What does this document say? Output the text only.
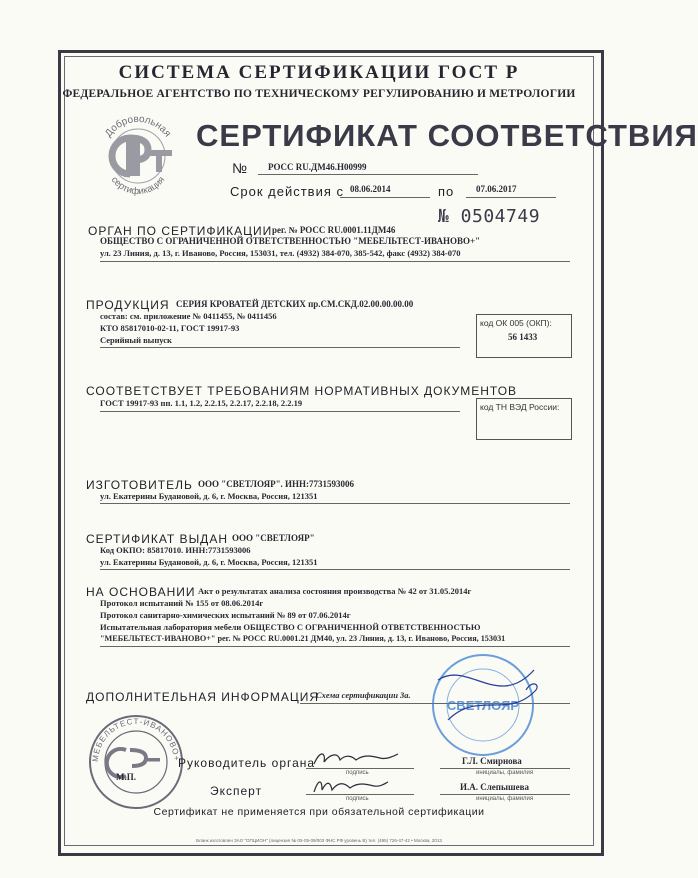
СИСТЕМА СЕРТИФИКАЦИИ ГОСТ Р
ФЕДЕРАЛЬНОЕ АГЕНТСТВО ПО ТЕХНИЧЕСКОМУ РЕГУЛИРОВАНИЮ И МЕТРОЛОГИИ
Добровольная
сертификация
СЕРТИФИКАТ СООТВЕТСТВИЯ
№ РОСС RU.ДМ46.Н00999
Срок действия с 08.06.2014	по 07.06.2017
№ 0504749
ОРГАН ПО СЕРТИФИКАЦИИ рег. № РОСС RU.0001.11ДМ46
ОБЩЕСТВО С ОГРАНИЧЕННОЙ ОТВЕТСТВЕННОСТЬЮ "МЕБЕЛЬТЕСТ-ИВАНОВО+"
ул. 23 Линия, д. 13, г. Иваново, Россия, 153031, тел. (4932) 384-070, 385-542, факс (4932) 384-070
ПРОДУКЦИЯ СЕРИЯ КРОВАТЕЙ ДЕТСКИХ пр.СМ.СКД.02.00.00.00.00
состав: см. приложение № 0411455, № 0411456
КТО 85817010-02-11, ГОСТ 19917-93
Серийный выпуск
код ОК 005 (ОКП):
56 1433
СООТВЕТСТВУЕТ ТРЕБОВАНИЯМ НОРМАТИВНЫХ ДОКУМЕНТОВ
ГОСТ 19917-93 пп. 1.1, 1.2, 2.2.15, 2.2.17, 2.2.18, 2.2.19	код ТН ВЭД России:
ИЗГОТОВИТЕЛЬ ООО "СВЕТЛОЯР". ИНН:7731593006
ул. Екатерины Будановой, д. 6, г. Москва, Россия, 121351
СЕРТИФИКАТ ВЫДАН ООО "СВЕТЛОЯР"
Код ОКПО: 85817010. ИНН:7731593006
ул. Екатерины Будановой, д. 6, г. Москва, Россия, 121351
НА ОСНОВАНИИ Акт о результатах анализа состояния производства № 42 от 31.05.2014г
Протокол испытаний № 155 от 08.06.2014г
Протокол санитарно-химических испытаний № 89 от 07.06.2014г
Испытательная лаборатория мебели ОБЩЕСТВО С ОГРАНИЧЕННОЙ ОТВЕТСТВЕННОСТЬЮ
"МЕБЕЛЬТЕСТ-ИВАНОВО+" рег. № РОСС RU.0001.21 ДМ40, ул. 23 Линия, д. 13, г. Иваново, Россия, 153031
ДОПОЛНИТЕЛЬНАЯ ИНФОРМАЦИЯ
Схема сертификации 3а.
МЕБЕЛЬТЕСТ-ИВАНОВО+
М.П.
Руководитель органа
подпись
Г.Л. Смирнова
инициалы, фамилия
Эксперт
подпись
И.А. Слепышева
инициалы, фамилия
СВЕТЛОЯР
Сертификат не применяется при обязательной сертификации
Бланк изготовлен ЗАО "ОПЦИОН" (лицензия № 05-05-09/003 ФНС РФ уровень В) тел. (495) 726-47-42 • Москва, 2013
